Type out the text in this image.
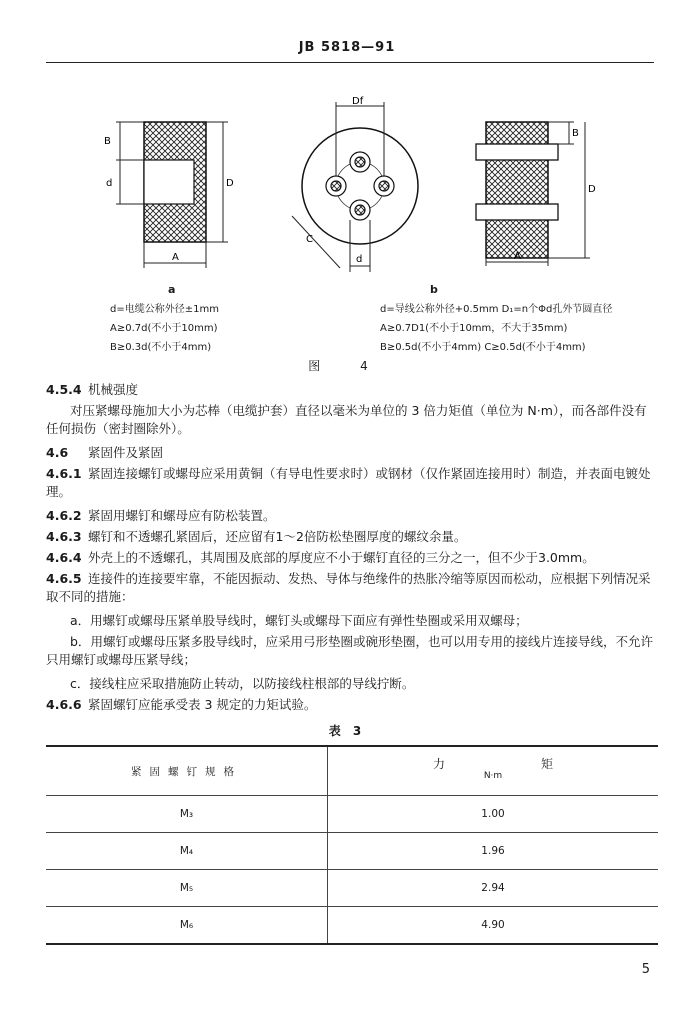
JB 5818—91
B
d	D
A
a
Df
C
d
B
D
A
b
d=电缆公称外径±1mm
A≥0.7d(不小于10mm)
B≥0.3d(不小于4mm)
d=导线公称外径+0.5mm D₁=n个Φd孔外节圆直径
A≥0.7D1(不小于10mm，不大于35mm)
B≥0.5d(不小于4mm) C≥0.5d(不小于4mm)
图 4
4.5.4 机械强度
对压紧螺母施加大小为芯棒（电缆护套）直径以毫米为单位的 3 倍力矩值（单位为 N·m），而各部件没有任何损伤（密封圈除外）。
4.6 紧固件及紧固
4.6.1 紧固连接螺钉或螺母应采用黄铜（有导电性要求时）或钢材（仅作紧固连接用时）制造，并表面电镀处理。
4.6.2 紧固用螺钉和螺母应有防松装置。
4.6.3 螺钉和不透螺孔紧固后，还应留有1～2倍防松垫圈厚度的螺纹余量。
4.6.4 外壳上的不透螺孔，其周围及底部的厚度应不小于螺钉直径的三分之一，但不少于3.0mm。
4.6.5 连接件的连接要牢靠，不能因振动、发热、导体与绝缘件的热胀冷缩等原因而松动，应根据下列情况采取不同的措施：
a．用螺钉或螺母压紧单股导线时，螺钉头或螺母下面应有弹性垫圈或采用双螺母；
b．用螺钉或螺母压紧多股导线时，应采用弓形垫圈或碗形垫圈，也可以用专用的接线片连接导线，不允许只用螺钉或螺母压紧导线；
c．接线柱应采取措施防止转动，以防接线柱根部的导线拧断。
4.6.6 紧固螺钉应能承受表 3 规定的力矩试验。
表 3
紧固螺钉规格	力 矩
N·m

M₃	1.00
M₄	1.96
M₅	2.94
M₆	4.90
5
